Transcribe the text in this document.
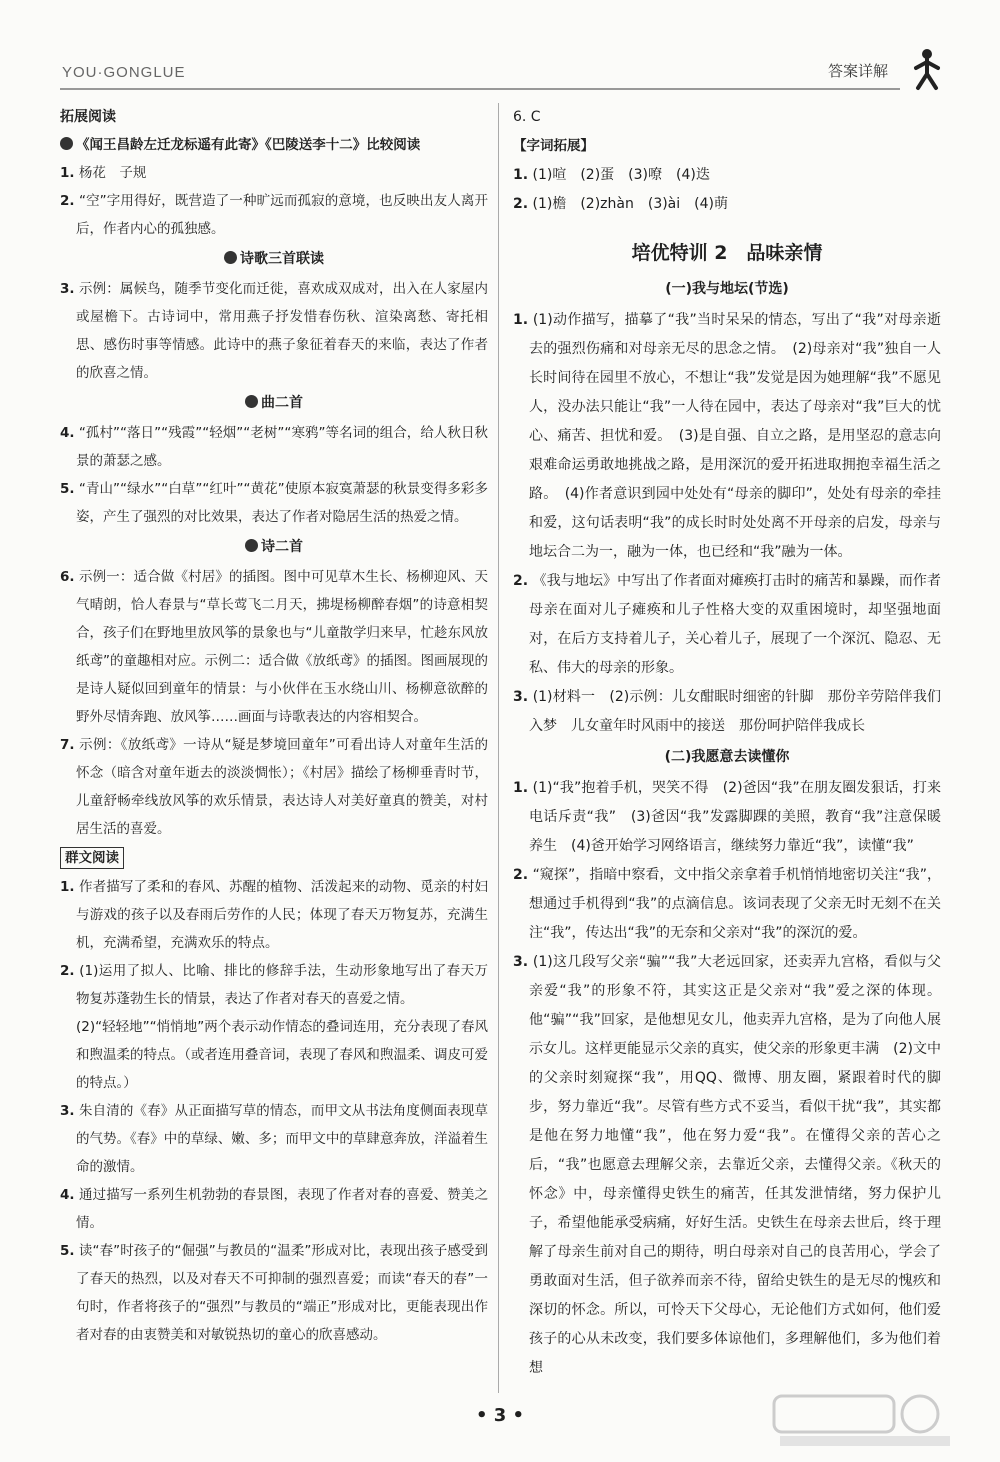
YOU·GONGLUE	答案详解
拓展阅读
《闻王昌龄左迁龙标遥有此寄》《巴陵送李十二》比较阅读
1. 杨花　子规
2. “空”字用得好，既营造了一种旷远而孤寂的意境，也反映出友人离开后，作者内心的孤独感。
诗歌三首联读
3. 示例：属候鸟，随季节变化而迁徙，喜欢成双成对，出入在人家屋内或屋檐下。古诗词中，常用燕子抒发惜春伤秋、渲染离愁、寄托相思、感伤时事等情感。此诗中的燕子象征着春天的来临，表达了作者的欣喜之情。
曲二首
4. “孤村”“落日”“残霞”“轻烟”“老树”“寒鸦”等名词的组合，给人秋日秋景的萧瑟之感。
5. “青山”“绿水”“白草”“红叶”“黄花”使原本寂寞萧瑟的秋景变得多彩多姿，产生了强烈的对比效果，表达了作者对隐居生活的热爱之情。
诗二首
6. 示例一：适合做《村居》的插图。图中可见草木生长、杨柳迎风、天气晴朗，恰人春景与“草长莺飞二月天，拂堤杨柳醉春烟”的诗意相契合，孩子们在野地里放风筝的景象也与“儿童散学归来早，忙趁东风放纸鸢”的童趣相对应。示例二：适合做《放纸鸢》的插图。图画展现的是诗人疑似回到童年的情景：与小伙伴在玉水绕山川、杨柳意欲醉的野外尽情奔跑、放风筝……画面与诗歌表达的内容相契合。
7. 示例：《放纸鸢》一诗从“疑是梦境回童年”可看出诗人对童年生活的怀念（暗含对童年逝去的淡淡惆怅）；《村居》描绘了杨柳垂青时节，儿童舒畅牵线放风筝的欢乐情景，表达诗人对美好童真的赞美，对村居生活的喜爱。
群文阅读
1. 作者描写了柔和的春风、苏醒的植物、活泼起来的动物、觅亲的村妇与游戏的孩子以及春雨后劳作的人民；体现了春天万物复苏，充满生机，充满希望，充满欢乐的特点。
2. (1)运用了拟人、比喻、排比的修辞手法，生动形象地写出了春天万物复苏蓬勃生长的情景，表达了作者对春天的喜爱之情。
(2)“轻轻地”“悄悄地”两个表示动作情态的叠词连用，充分表现了春风和煦温柔的特点。（或者连用叠音词，表现了春风和煦温柔、调皮可爱的特点。）
3. 朱自清的《春》从正面描写草的情态，而甲文从书法角度侧面表现草的气势。《春》中的草绿、嫩、多；而甲文中的草肆意奔放，洋溢着生命的激情。
4. 通过描写一系列生机勃勃的春景图，表现了作者对春的喜爱、赞美之情。
5. 读“春”时孩子的“倔强”与教员的“温柔”形成对比，表现出孩子感受到了春天的热烈，以及对春天不可抑制的强烈喜爱；而读“春天的春”一句时，作者将孩子的“强烈”与教员的“端正”形成对比，更能表现出作者对春的由衷赞美和对敏锐热切的童心的欣喜感动。
6. C
【字词拓展】
1. (1)喧　(2)蛋　(3)嘹　(4)迭
2. (1)檐　(2)zhàn　(3)ài　(4)萌
培优特训 2　品味亲情
(一)我与地坛(节选)
1. (1)动作描写，描摹了“我”当时呆呆的情态，写出了“我”对母亲逝去的强烈伤痛和对母亲无尽的思念之情。　(2)母亲对“我”独自一人长时间待在园里不放心，不想让“我”发觉是因为她理解“我”不愿见人，没办法只能让“我”一人待在园中，表达了母亲对“我”巨大的忧心、痛苦、担忧和爱。　(3)是自强、自立之路，是用坚忍的意志向艰难命运勇敢地挑战之路，是用深沉的爱开拓进取拥抱幸福生活之路。　(4)作者意识到园中处处有“母亲的脚印”，处处有母亲的牵挂和爱，这句话表明“我”的成长时时处处离不开母亲的启发，母亲与地坛合二为一，融为一体，也已经和“我”融为一体。
2. 《我与地坛》中写出了作者面对瘫痪打击时的痛苦和暴躁，而作者母亲在面对儿子瘫痪和儿子性格大变的双重困境时，却坚强地面对，在后方支持着儿子，关心着儿子，展现了一个深沉、隐忍、无私、伟大的母亲的形象。
3. (1)材料一　(2)示例：儿女酣眠时细密的针脚　那份辛劳陪伴我们入梦　儿女童年时风雨中的接送　那份呵护陪伴我成长
(二)我愿意去读懂你
1. (1)“我”抱着手机，哭笑不得　(2)爸因“我”在朋友圈发狠话，打来电话斥责“我”　(3)爸因“我”发露脚踝的美照，教育“我”注意保暖养生　(4)爸开始学习网络语言，继续努力靠近“我”，读懂“我”
2. “窥探”，指暗中察看，文中指父亲拿着手机悄悄地密切关注“我”，想通过手机得到“我”的点滴信息。该词表现了父亲无时无刻不在关注“我”，传达出“我”的无奈和父亲对“我”的深沉的爱。
3. (1)这几段写父亲“骗”“我”大老远回家，还卖弄九宫格，看似与父亲爱“我”的形象不符，其实这正是父亲对“我”爱之深的体现。他“骗”“我”回家，是他想见女儿，他卖弄九宫格，是为了向他人展示女儿。这样更能显示父亲的真实，使父亲的形象更丰满　(2)文中的父亲时刻窥探“我”，用QQ、微博、朋友圈，紧跟着时代的脚步，努力靠近“我”。尽管有些方式不妥当，看似干扰“我”，其实都是他在努力地懂“我”，他在努力爱“我”。在懂得父亲的苦心之后，“我”也愿意去理解父亲，去靠近父亲，去懂得父亲。《秋天的怀念》中，母亲懂得史铁生的痛苦，任其发泄情绪，努力保护儿子，希望他能承受病痛，好好生活。史铁生在母亲去世后，终于理解了母亲生前对自己的期待，明白母亲对自己的良苦用心，学会了勇敢面对生活，但子欲养而亲不待，留给史铁生的是无尽的愧疚和深切的怀念。所以，可怜天下父母心，无论他们方式如何，他们爱孩子的心从未改变，我们要多体谅他们，多理解他们，多为他们着想
• 3 •
